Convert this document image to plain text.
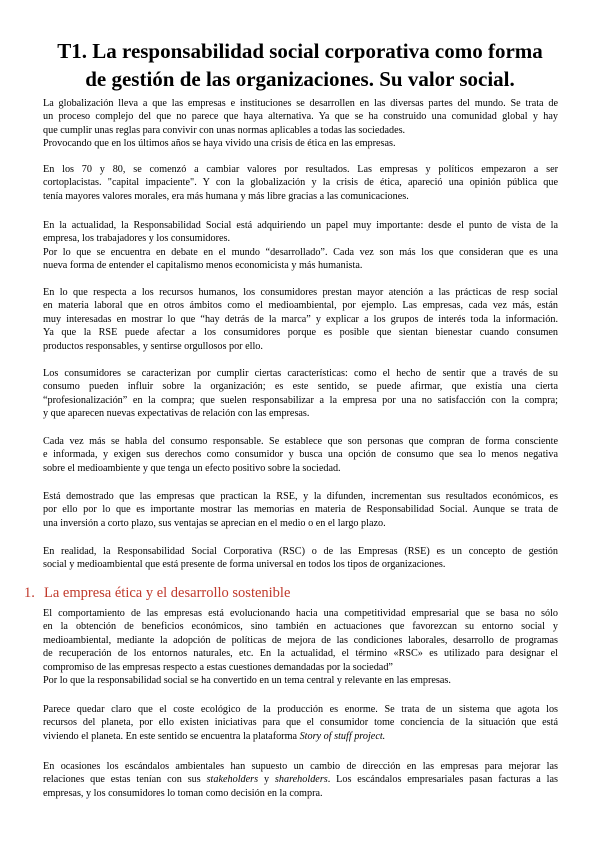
T1. La responsabilidad social corporativa como forma
de gestión de las organizaciones. Su valor social.
La globalización lleva a que las empresas e instituciones se desarrollen en las diversas partes del mundo. Se trata de
un proceso complejo del que no parece que haya alternativa. Ya que se ha construido una comunidad global y hay
que cumplir unas reglas para convivir con unas normas aplicables a todas las sociedades.
Provocando que en los últimos años se haya vivido una crisis de ética en las empresas.
En los 70 y 80, se comenzó a cambiar valores por resultados. Las empresas y políticos empezaron a ser
cortoplacistas. "capital impaciente". Y con la globalización y la crisis de ética, apareció una opinión pública que
tenía mayores valores morales, era más humana y más libre gracias a las comunicaciones.
En la actualidad, la Responsabilidad Social está adquiriendo un papel muy importante: desde el punto de vista de la
empresa, los trabajadores y los consumidores.
Por lo que se encuentra en debate en el mundo “desarrollado”. Cada vez son más los que consideran que es una
nueva forma de entender el capitalismo menos economicista y más humanista.
En lo que respecta a los recursos humanos, los consumidores prestan mayor atención a las prácticas de resp social
en materia laboral que en otros ámbitos como el medioambiental, por ejemplo. Las empresas, cada vez más, están
muy interesadas en mostrar lo que “hay detrás de la marca” y explicar a los grupos de interés toda la información.
Ya que la RSE puede afectar a los consumidores porque es posible que sientan bienestar cuando consumen
productos responsables, y sentirse orgullosos por ello.
Los consumidores se caracterizan por cumplir ciertas características: como el hecho de sentir que a través de su
consumo pueden influir sobre la organización; es este sentido, se puede afirmar, que existía una cierta
“profesionalización” en la compra; que suelen responsabilizar a la empresa por una no satisfacción con la compra;
y que aparecen nuevas expectativas de relación con las empresas.
Cada vez más se habla del consumo responsable. Se establece que son personas que compran de forma consciente
e informada, y exigen sus derechos como consumidor y busca una opción de consumo que sea lo menos negativa
sobre el medioambiente y que tenga un efecto positivo sobre la sociedad.
Está demostrado que las empresas que practican la RSE, y la difunden, incrementan sus resultados económicos, es
por ello por lo que es importante mostrar las memorias en materia de Responsabilidad Social. Aunque se trata de
una inversión a corto plazo, sus ventajas se aprecian en el medio o en el largo plazo.
En realidad, la Responsabilidad Social Corporativa (RSC) o de las Empresas (RSE) es un concepto de gestión
social y medioambiental que está presente de forma universal en todos los tipos de organizaciones.
1. La empresa ética y el desarrollo sostenible
El comportamiento de las empresas está evolucionando hacia una competitividad empresarial que se basa no sólo
en la obtención de beneficios económicos, sino también en actuaciones que favorezcan su entorno social y
medioambiental, mediante la adopción de políticas de mejora de las condiciones laborales, desarrollo de programas
de recuperación de los entornos naturales, etc. En la actualidad, el término «RSC» es utilizado para designar el
compromiso de las empresas respecto a estas cuestiones demandadas por la sociedad”
Por lo que la responsabilidad social se ha convertido en un tema central y relevante en las empresas.
Parece quedar claro que el coste ecológico de la producción es enorme. Se trata de un sistema que agota los
recursos del planeta, por ello existen iniciativas para que el consumidor tome conciencia de la situación que está
viviendo el planeta. En este sentido se encuentra la plataforma Story of stuff project.
En ocasiones los escándalos ambientales han supuesto un cambio de dirección en las empresas para mejorar las
relaciones que estas tenían con sus stakeholders y shareholders. Los escándalos empresariales pasan facturas a las
empresas, y los consumidores lo toman como decisión en la compra.
